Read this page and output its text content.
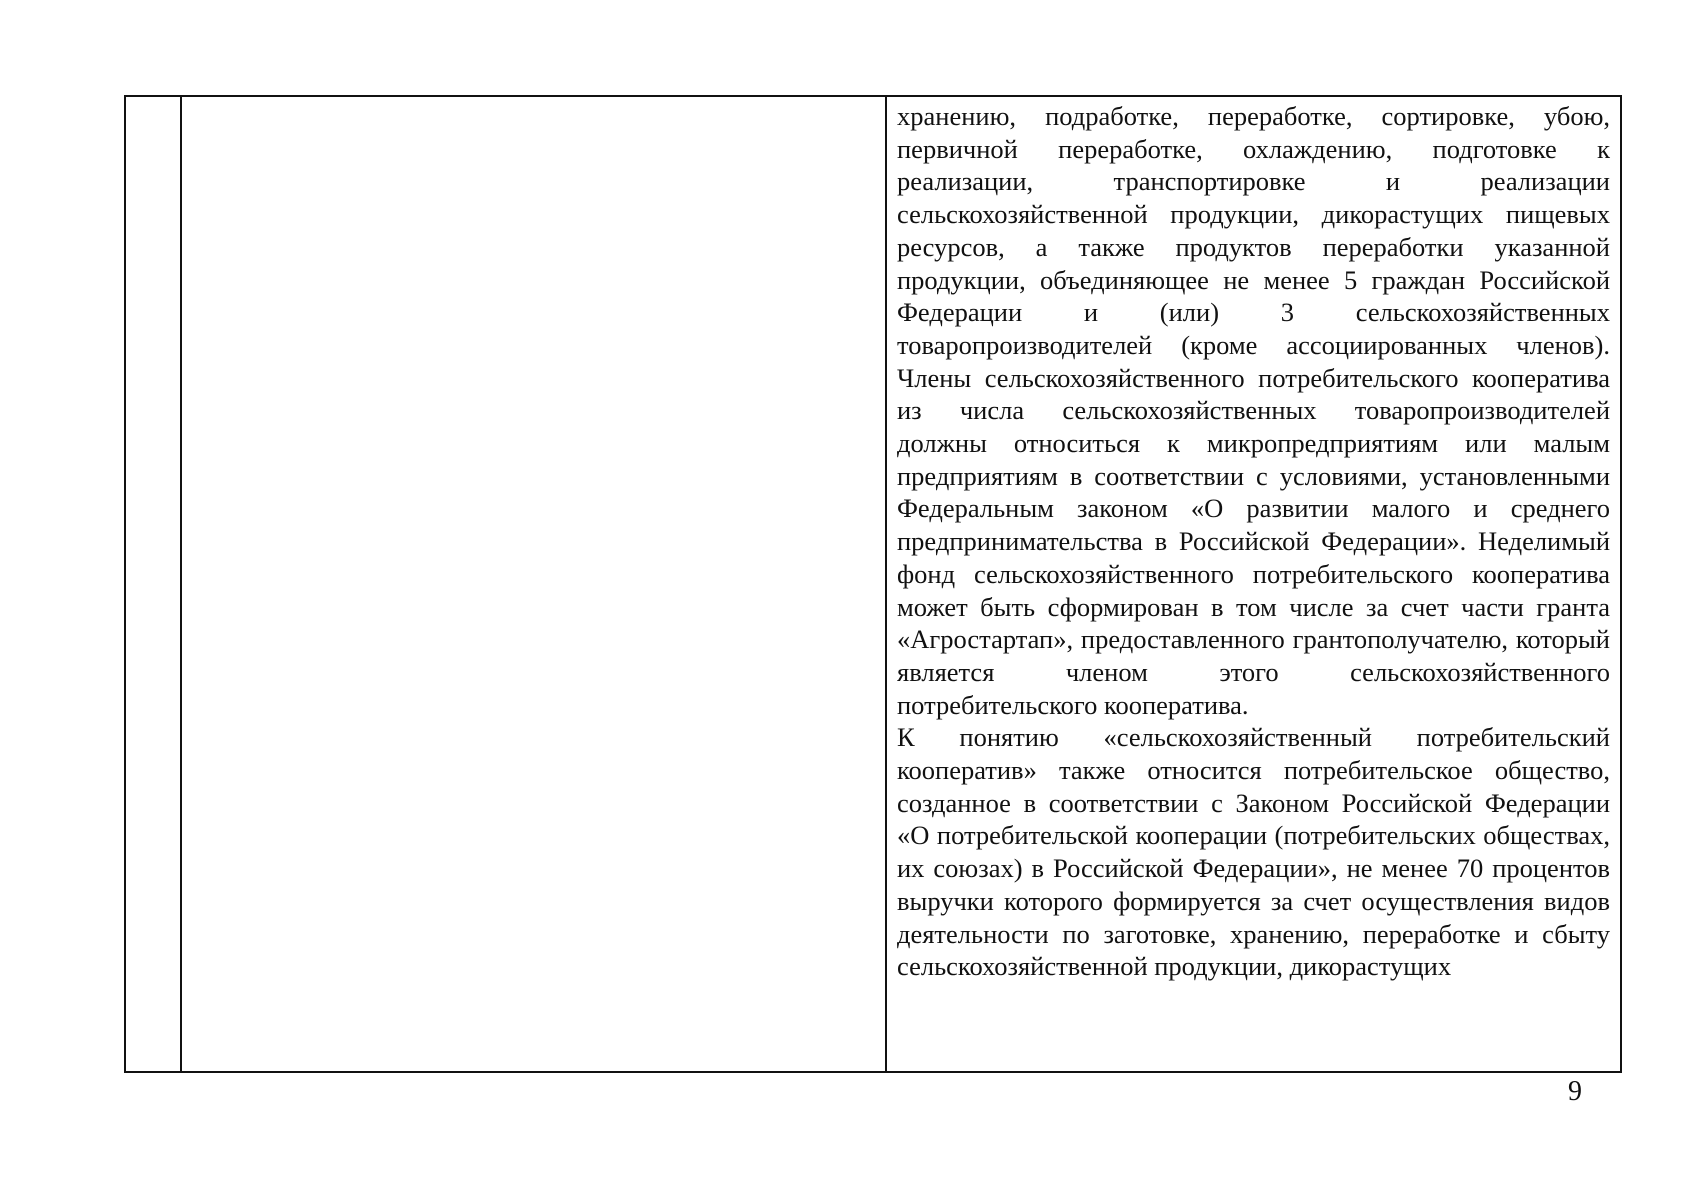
хранению, подработке, переработке, сортировке, убою, первичной переработке, охлаждению, подготовке к реализации, транспортировке и реализации сельскохозяйственной продукции, дикорастущих пищевых ресурсов, а также продуктов переработки указанной продукции, объединяющее не менее 5 граждан Российской Федерации и (или) 3 сельскохозяйственных товаропроизводителей (кроме ассоциированных членов). Члены сельскохозяйственного потребительского кооператива из числа сельскохозяйственных товаропроизводителей должны относиться к микропредприятиям или малым предприятиям в соответствии с условиями, установленными Федеральным законом «О развитии малого и среднего предпринимательства в Российской Федерации». Неделимый фонд сельскохозяйственного потребительского кооператива может быть сформирован в том числе за счет части гранта «Агростартап», предоставленного грантополучателю, который является членом этого сельскохозяйственного потребительского кооператива.

К понятию «сельскохозяйственный потребительский кооператив» также относится потребительское общество, созданное в соответствии с Законом Российской Федерации «О потребительской кооперации (потребительских обществах, их союзах) в Российской Федерации», не менее 70 процентов выручки которого формируется за счет осуществления видов деятельности по заготовке, хранению, переработке и сбыту сельскохозяйственной продукции, дикорастущих

9
